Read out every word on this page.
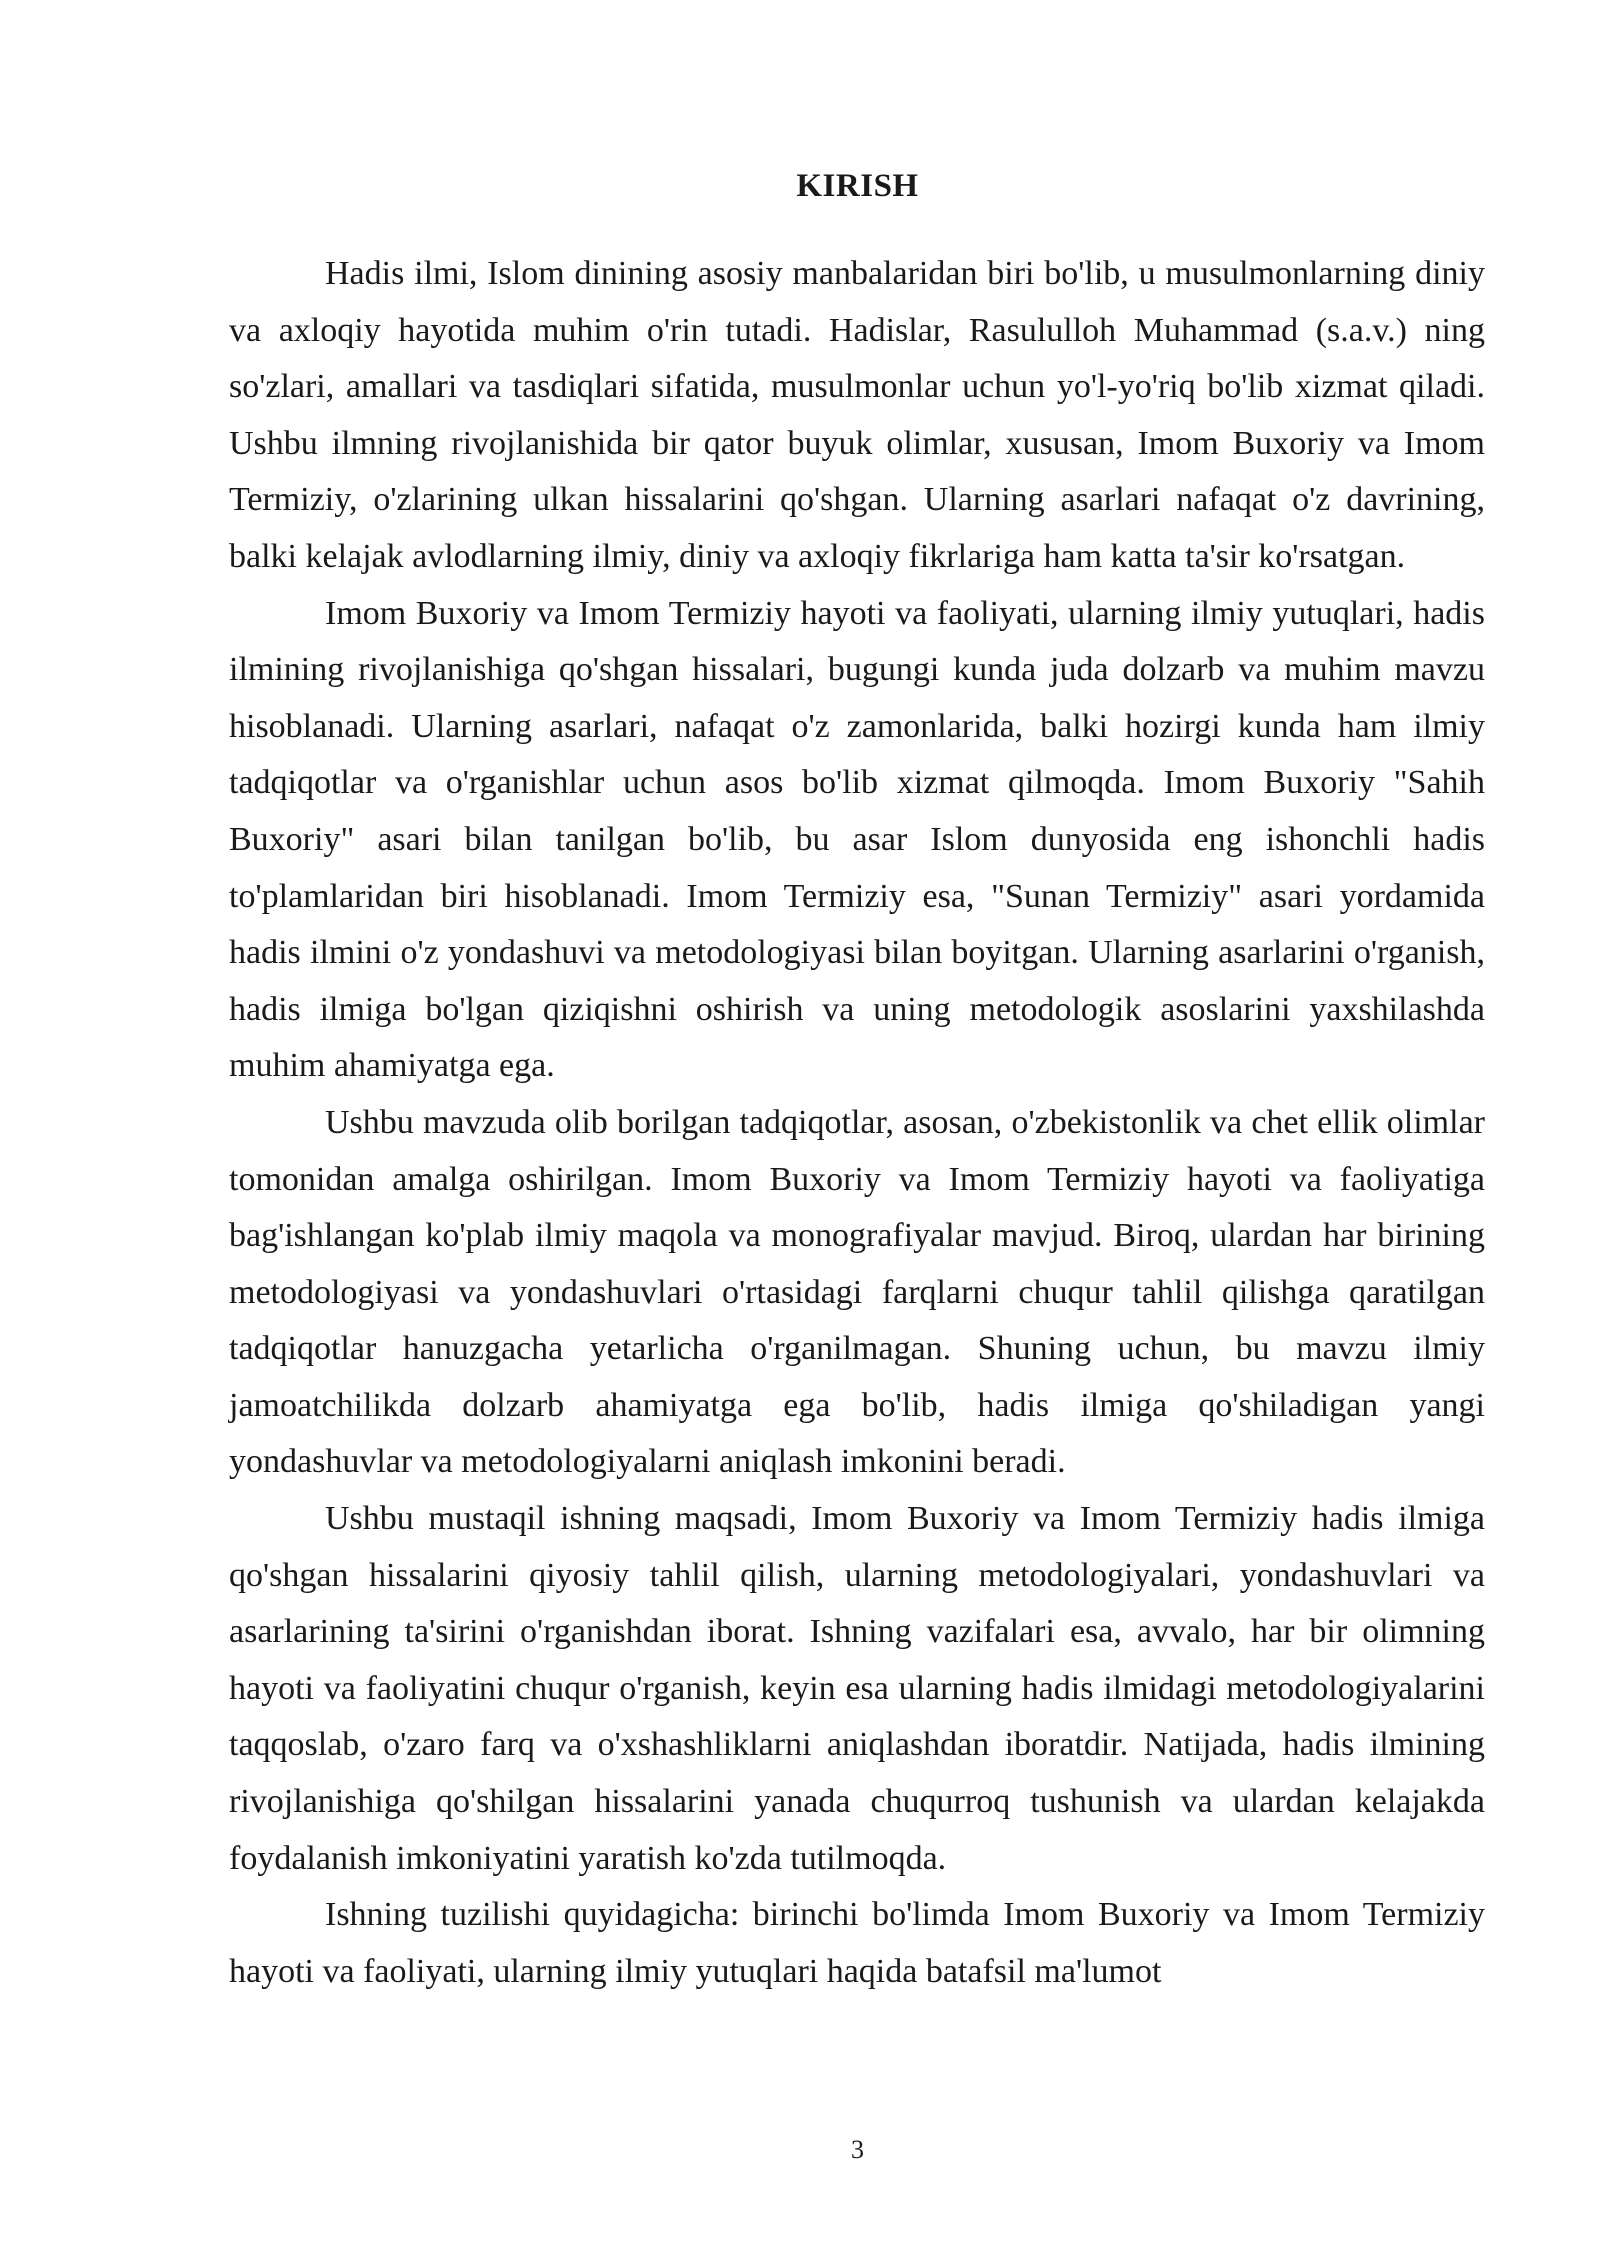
KIRISH

Hadis ilmi, Islom dinining asosiy manbalaridan biri bo'lib, u musulmonlarning diniy va axloqiy hayotida muhim o'rin tutadi. Hadislar, Rasululloh Muhammad (s.a.v.) ning so'zlari, amallari va tasdiqlari sifatida, musulmonlar uchun yo'l-yo'riq bo'lib xizmat qiladi. Ushbu ilmning rivojlanishida bir qator buyuk olimlar, xususan, Imom Buxoriy va Imom Termiziy, o'zlarining ulkan hissalarini qo'shgan. Ularning asarlari nafaqat o'z davrining, balki kelajak avlodlarning ilmiy, diniy va axloqiy fikrlariga ham katta ta'sir ko'rsatgan.

Imom Buxoriy va Imom Termiziy hayoti va faoliyati, ularning ilmiy yutuqlari, hadis ilmining rivojlanishiga qo'shgan hissalari, bugungi kunda juda dolzarb va muhim mavzu hisoblanadi. Ularning asarlari, nafaqat o'z zamonlarida, balki hozirgi kunda ham ilmiy tadqiqotlar va o'rganishlar uchun asos bo'lib xizmat qilmoqda. Imom Buxoriy "Sahih Buxoriy" asari bilan tanilgan bo'lib, bu asar Islom dunyosida eng ishonchli hadis to'plamlaridan biri hisoblanadi. Imom Termiziy esa, "Sunan Termiziy" asari yordamida hadis ilmini o'z yondashuvi va metodologiyasi bilan boyitgan. Ularning asarlarini o'rganish, hadis ilmiga bo'lgan qiziqishni oshirish va uning metodologik asoslarini yaxshilashda muhim ahamiyatga ega.

Ushbu mavzuda olib borilgan tadqiqotlar, asosan, o'zbekistonlik va chet ellik olimlar tomonidan amalga oshirilgan. Imom Buxoriy va Imom Termiziy hayoti va faoliyatiga bag'ishlangan ko'plab ilmiy maqola va monografiyalar mavjud. Biroq, ulardan har birining metodologiyasi va yondashuvlari o'rtasidagi farqlarni chuqur tahlil qilishga qaratilgan tadqiqotlar hanuzgacha yetarlicha o'rganilmagan. Shuning uchun, bu mavzu ilmiy jamoatchilikda dolzarb ahamiyatga ega bo'lib, hadis ilmiga qo'shiladigan yangi yondashuvlar va metodologiyalarni aniqlash imkonini beradi.

Ushbu mustaqil ishning maqsadi, Imom Buxoriy va Imom Termiziy hadis ilmiga qo'shgan hissalarini qiyosiy tahlil qilish, ularning metodologiyalari, yondashuvlari va asarlarining ta'sirini o'rganishdan iborat. Ishning vazifalari esa, avvalo, har bir olimning hayoti va faoliyatini chuqur o'rganish, keyin esa ularning hadis ilmidagi metodologiyalarini taqqoslab, o'zaro farq va o'xshashliklarni aniqlashdan iboratdir. Natijada, hadis ilmining rivojlanishiga qo'shilgan hissalarini yanada chuqurroq tushunish va ulardan kelajakda foydalanish imkoniyatini yaratish ko'zda tutilmoqda.

Ishning tuzilishi quyidagicha: birinchi bo'limda Imom Buxoriy va Imom Termiziy hayoti va faoliyati, ularning ilmiy yutuqlari haqida batafsil ma'lumot

3
